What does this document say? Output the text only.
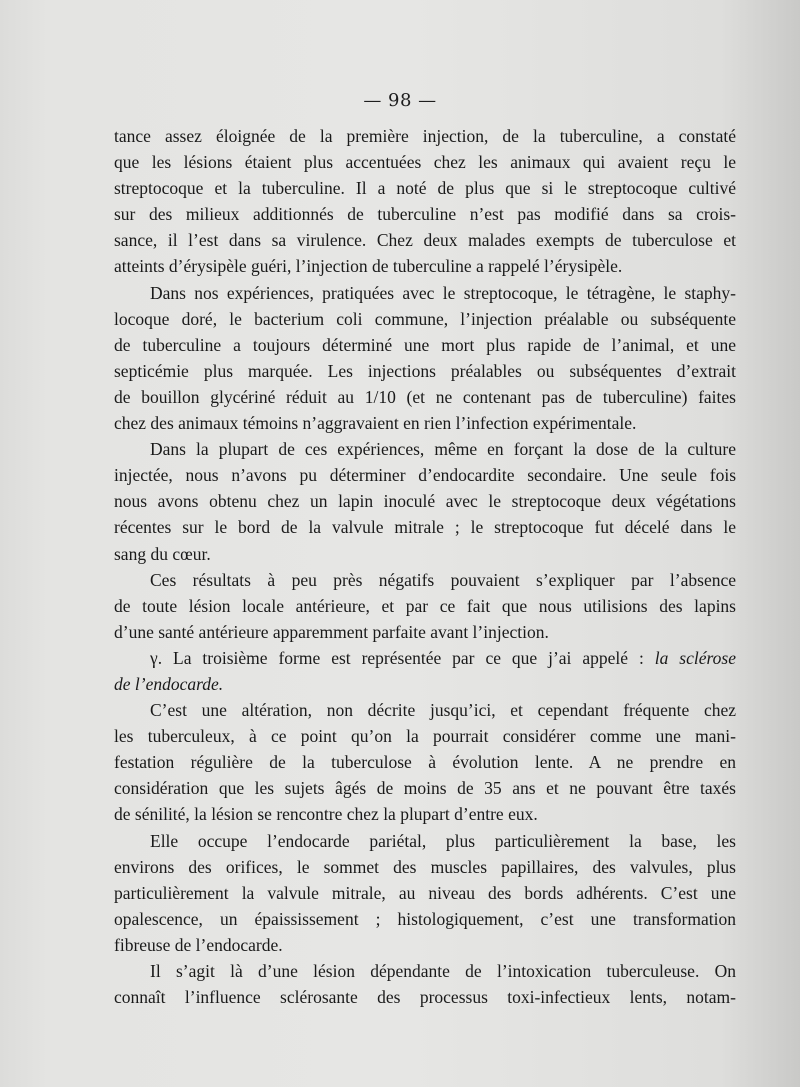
— 98 —
tance assez éloignée de la première injection, de la tuberculine, a constaté
que les lésions étaient plus accentuées chez les animaux qui avaient reçu le
streptocoque et la tuberculine. Il a noté de plus que si le streptocoque cultivé
sur des milieux additionnés de tuberculine n’est pas modifié dans sa crois-
sance, il l’est dans sa virulence. Chez deux malades exempts de tuberculose et
atteints d’érysipèle guéri, l’injection de tuberculine a rappelé l’érysipèle.
Dans nos expériences, pratiquées avec le streptocoque, le tétragène, le staphy-
locoque doré, le bacterium coli commune, l’injection préalable ou subséquente
de tuberculine a toujours déterminé une mort plus rapide de l’animal, et une
septicémie plus marquée. Les injections préalables ou subséquentes d’extrait
de bouillon glycériné réduit au 1/10 (et ne contenant pas de tuberculine) faites
chez des animaux témoins n’aggravaient en rien l’infection expérimentale.
Dans la plupart de ces expériences, même en forçant la dose de la culture
injectée, nous n’avons pu déterminer d’endocardite secondaire. Une seule fois
nous avons obtenu chez un lapin inoculé avec le streptocoque deux végétations
récentes sur le bord de la valvule mitrale ; le streptocoque fut décelé dans le
sang du cœur.
Ces résultats à peu près négatifs pouvaient s’expliquer par l’absence
de toute lésion locale antérieure, et par ce fait que nous utilisions des lapins
d’une santé antérieure apparemment parfaite avant l’injection.
γ. La troisième forme est représentée par ce que j’ai appelé : la sclérose
de l’endocarde.
C’est une altération, non décrite jusqu’ici, et cependant fréquente chez
les tuberculeux, à ce point qu’on la pourrait considérer comme une mani-
festation régulière de la tuberculose à évolution lente. A ne prendre en
considération que les sujets âgés de moins de 35 ans et ne pouvant être taxés
de sénilité, la lésion se rencontre chez la plupart d’entre eux.
Elle occupe l’endocarde pariétal, plus particulièrement la base, les
environs des orifices, le sommet des muscles papillaires, des valvules, plus
particulièrement la valvule mitrale, au niveau des bords adhérents. C’est une
opalescence, un épaississement ; histologiquement, c’est une transformation
fibreuse de l’endocarde.
Il s’agit là d’une lésion dépendante de l’intoxication tuberculeuse. On
connaît l’influence sclérosante des processus toxi-infectieux lents, notam-
